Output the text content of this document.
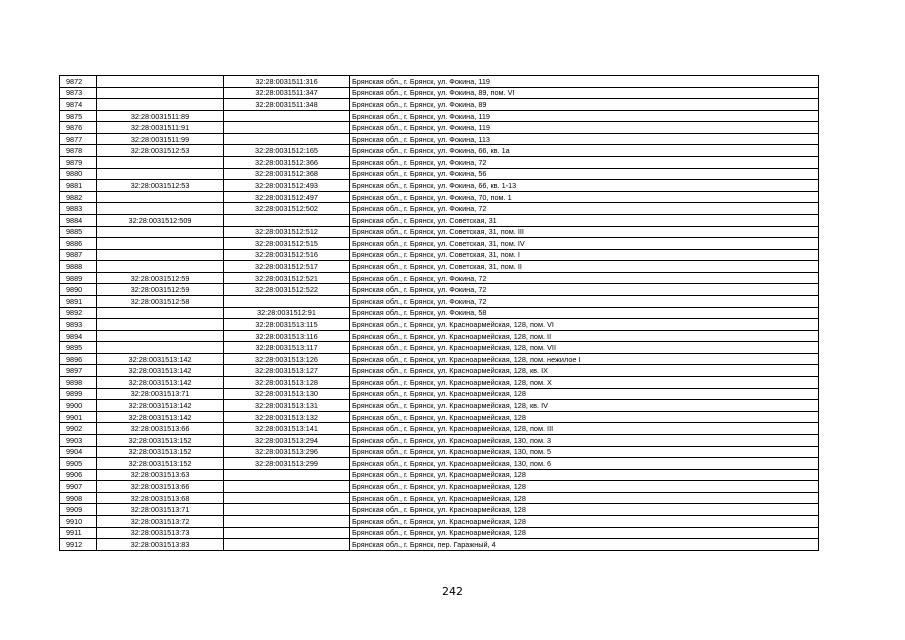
9872		32:28:0031511:316	Брянская обл., г. Брянск, ул. Фокина, 119
9873		32:28:0031511:347	Брянская обл., г. Брянск, ул. Фокина, 89, пом. VI
9874		32:28:0031511:348	Брянская обл., г. Брянск, ул. Фокина, 89
9875	32:28:0031511:89		Брянская обл., г. Брянск, ул. Фокина, 119
9876	32:28:0031511:91		Брянская обл., г. Брянск, ул. Фокина, 119
9877	32:28:0031511:99		Брянская обл., г. Брянск, ул. Фокина, 113
9878	32:28:0031512:53	32:28:0031512:165	Брянская обл., г. Брянск, ул. Фокина, 66, кв. 1а
9879		32:28:0031512:366	Брянская обл., г. Брянск, ул. Фокина, 72
9880		32:28:0031512:368	Брянская обл., г. Брянск, ул. Фокина, 56
9881	32:28:0031512:53	32:28:0031512:493	Брянская обл., г. Брянск, ул. Фокина, 66, кв. 1-13
9882		32:28:0031512:497	Брянская обл., г. Брянск, ул. Фокина, 70, пом. 1
9883		32:28:0031512:502	Брянская обл., г. Брянск, ул. Фокина, 72
9884	32:28:0031512:509		Брянская обл., г. Брянск, ул. Советская, 31
9885		32:28:0031512:512	Брянская обл., г. Брянск, ул. Советская, 31, пом. III
9886		32:28:0031512:515	Брянская обл., г. Брянск, ул. Советская, 31, пом. IV
9887		32:28:0031512:516	Брянская обл., г. Брянск, ул. Советская, 31, пом. I
9888		32:28:0031512:517	Брянская обл., г. Брянск, ул. Советская, 31, пом. II
9889	32:28:0031512:59	32:28:0031512:521	Брянская обл., г. Брянск, ул. Фокина, 72
9890	32:28:0031512:59	32:28:0031512:522	Брянская обл., г. Брянск, ул. Фокина, 72
9891	32:28:0031512:58		Брянская обл., г. Брянск, ул. Фокина, 72
9892		32:28:0031512:91	Брянская обл., г. Брянск, ул. Фокина, 58
9893		32:28:0031513:115	Брянская обл., г. Брянск, ул. Красноармейская, 128, пом. VI
9894		32:28:0031513:116	Брянская обл., г. Брянск, ул. Красноармейская, 128, пом. II
9895		32:28:0031513:117	Брянская обл., г. Брянск, ул. Красноармейская, 128, пом. VII
9896	32:28:0031513:142	32:28:0031513:126	Брянская обл., г. Брянск, ул. Красноармейская, 128, пом. нежилое I
9897	32:28:0031513:142	32:28:0031513:127	Брянская обл., г. Брянск, ул. Красноармейская, 128, кв. IX
9898	32:28:0031513:142	32:28:0031513:128	Брянская обл., г. Брянск, ул. Красноармейская, 128, пом. X
9899	32:28:0031513:71	32:28:0031513:130	Брянская обл., г. Брянск, ул. Красноармейская, 128
9900	32:28:0031513:142	32:28:0031513:131	Брянская обл., г. Брянск, ул. Красноармейская, 128, кв. IV
9901	32:28:0031513:142	32:28:0031513:132	Брянская обл., г. Брянск, ул. Красноармейская, 128
9902	32:28:0031513:66	32:28:0031513:141	Брянская обл., г. Брянск, ул. Красноармейская, 128, пом. III
9903	32:28:0031513:152	32:28:0031513:294	Брянская обл., г. Брянск, ул. Красноармейская, 130, пом. 3
9904	32:28:0031513:152	32:28:0031513:296	Брянская обл., г. Брянск, ул. Красноармейская, 130, пом. 5
9905	32:28:0031513:152	32:28:0031513:299	Брянская обл., г. Брянск, ул. Красноармейская, 130, пом. 6
9906	32:28:0031513:63		Брянская обл., г. Брянск, ул. Красноармейская, 128
9907	32:28:0031513:66		Брянская обл., г. Брянск, ул. Красноармейская, 128
9908	32:28:0031513:68		Брянская обл., г. Брянск, ул. Красноармейская, 128
9909	32:28:0031513:71		Брянская обл., г. Брянск, ул. Красноармейская, 128
9910	32:28:0031513:72		Брянская обл., г. Брянск, ул. Красноармейская, 128
9911	32:28:0031513:73		Брянская обл., г. Брянск, ул. Красноармейская, 128
9912	32:28:0031513:83		Брянская обл., г. Брянск, пер. Гаражный, 4
242
